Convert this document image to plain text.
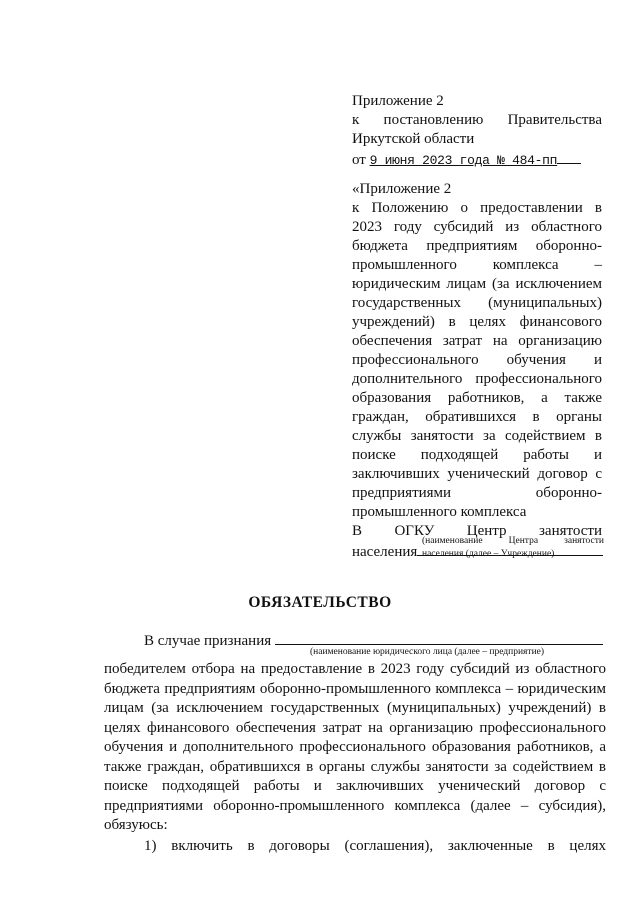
Приложение 2
к постановлению Правительства
Иркутской области
от 9 июня 2023 года № 484-пп
«Приложение 2
к Положению о предоставлении в
2023 году субсидий из областного
бюджета предприятиям оборонно-
промышленного комплекса –
юридическим лицам (за исключением
государственных (муниципальных)
учреждений) в целях финансового
обеспечения затрат на организацию
профессионального обучения и
дополнительного профессионального
образования работников, а также
граждан, обратившихся в органы
службы занятости за содействием в
поиске подходящей работы и
заключивших ученический договор с
предприятиями оборонно-
промышленного комплекса
В ОГКУ Центр занятости
населения
(наименование Центра занятости
населения (далее – Учреждение)
ОБЯЗАТЕЛЬСТВО
В случае признания
(наименование юридического лица (далее – предприятие)
победителем отбора на предоставление в 2023 году субсидий из областного
бюджета предприятиям оборонно-промышленного комплекса – юридическим
лицам (за исключением государственных (муниципальных) учреждений) в
целях финансового обеспечения затрат на организацию профессионального
обучения и дополнительного профессионального образования работников, а
также граждан, обратившихся в органы службы занятости за содействием в
поиске подходящей работы и заключивших ученический договор с
предприятиями оборонно-промышленного комплекса (далее – субсидия),
обязуюсь:
1) включить в договоры (соглашения), заключенные в целях
